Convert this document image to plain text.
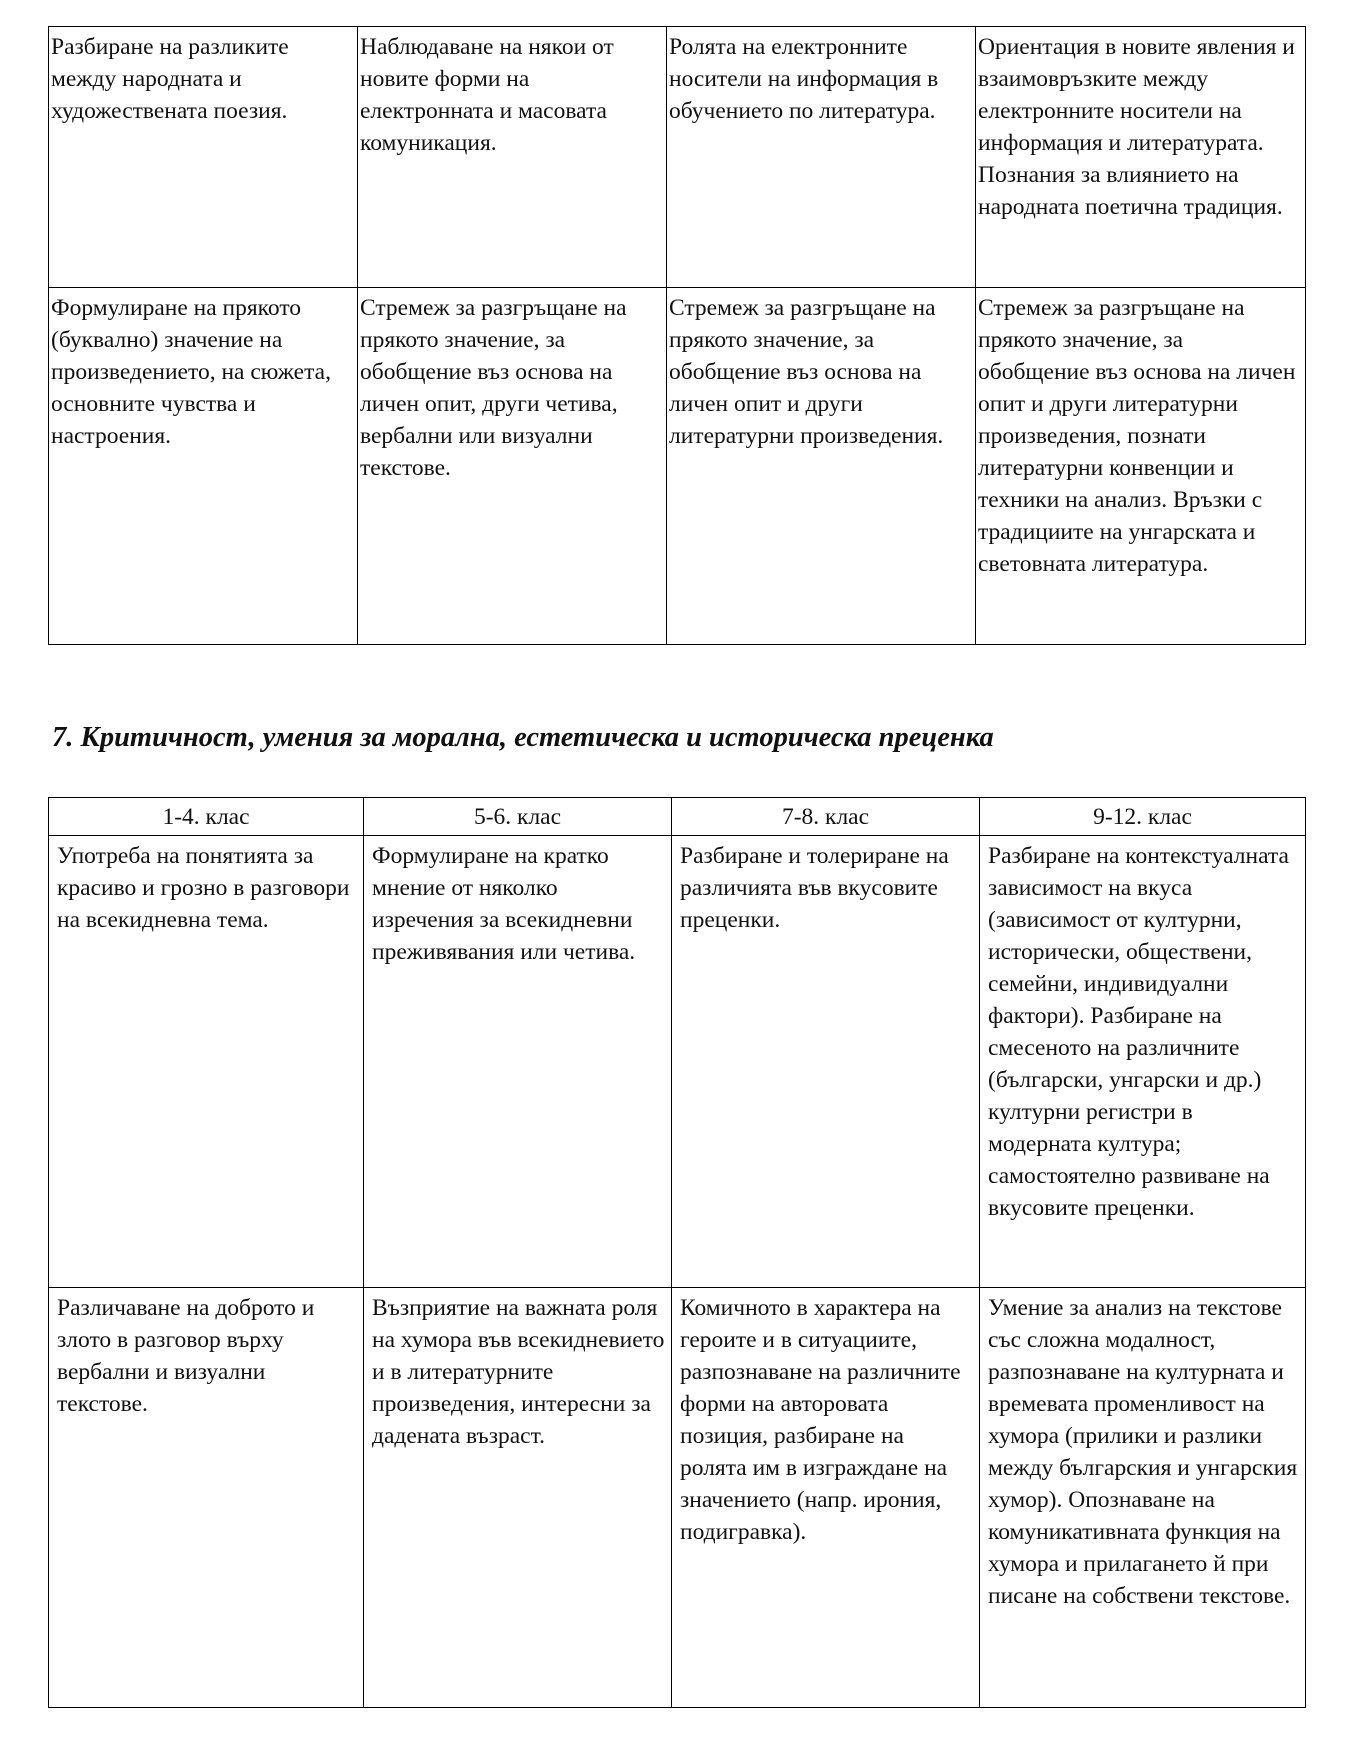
Разбиране на разликите между народната и художествената поезия.	Наблюдаване на някои от новите форми на електронната и масовата комуникация.	Ролята на електронните носители на информация в обучението по литература.	Ориентация в новите явления и взаимовръзките между електронните носители на информация и литературата. Познания за влиянието на народната поетична традиция.
Формулиране на прякото (буквално) значение на произведението, на сюжета, основните чувства и настроения.	Стремеж за разгръщане на прякото значение, за обобщение въз основа на личен опит, други четива, вербални или визуални текстове.	Стремеж за разгръщане на прякото значение, за обобщение въз основа на личен опит и други литературни произведения.	Стремеж за разгръщане на прякото значение, за обобщение въз основа на личен опит и други литературни произведения, познати литературни конвенции и техники на анализ. Връзки с традициите на унгарската и световната литература.
7. Критичност, умения за морална, естетическа и историческа преценка
1-4. клас	5-6. клас	7-8. клас	9-12. клас
Употреба на понятията за красиво и грозно в разговори на всекидневна тема.	Формулиране на кратко мнение от няколко изречения за всекидневни преживявания или четива.	Разбиране и толериране на различията във вкусовите преценки.	Разбиране на контекстуалната зависимост на вкуса (зависимост от културни, исторически, обществени, семейни, индивидуални фактори). Разбиране на смесеното на различните (български, унгарски и др.) културни регистри в модерната култура; самостоятелно развиване на вкусовите преценки.
Различаване на доброто и злото в разговор върху вербални и визуални текстове.	Възприятие на важната роля на хумора във всекидневието и в литературните произведения, интересни за дадената възраст.	Комичното в характера на героите и в ситуациите, разпознаване на различните форми на авторовата позиция, разбиране на ролята им в изграждане на значението (напр. ирония, подигравка).	Умение за анализ на текстове със сложна модалност, разпознаване на културната и времевата променливост на хумора (прилики и разлики между българския и унгарския хумор). Опознаване на комуникативната функция на хумора и прилагането й при писане на собствени текстове.
